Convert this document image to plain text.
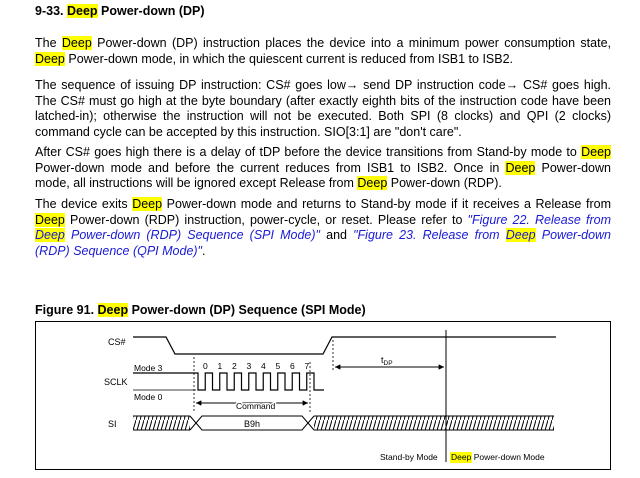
9-33. Deep Power-down (DP)
The Deep Power-down (DP) instruction places the device into a minimum power consumption state, Deep Power-down mode, in which the quiescent current is reduced from ISB1 to ISB2.
The sequence of issuing DP instruction: CS# goes low→ send DP instruction code→ CS# goes high. The CS# must go high at the byte boundary (after exactly eighth bits of the instruction code have been latched-in); otherwise the instruction will not be executed. Both SPI (8 clocks) and QPI (2 clocks) command cycle can be accepted by this instruction. SIO[3:1] are "don't care".
After CS# goes high there is a delay of tDP before the device transitions from Stand-by mode to Deep Power-down mode and before the current reduces from ISB1 to ISB2. Once in Deep Power-down mode, all instructions will be ignored except Release from Deep Power-down (RDP).
The device exits Deep Power-down mode and returns to Stand-by mode if it receives a Release from Deep Power-down (RDP) instruction, power-cycle, or reset. Please refer to "Figure 22. Release from Deep Power-down (RDP) Sequence (SPI Mode)" and "Figure 23. Release from Deep Power-down (RDP) Sequence (QPI Mode)".
Figure 91. Deep Power-down (DP) Sequence (SPI Mode)
CS#
SCLK
SI
$t_{DP}$
Mode 3
Mode 0
0 1 2 3 4 5 6 7
Command
B9h
Stand-by Mode Deep Power-down Mode
